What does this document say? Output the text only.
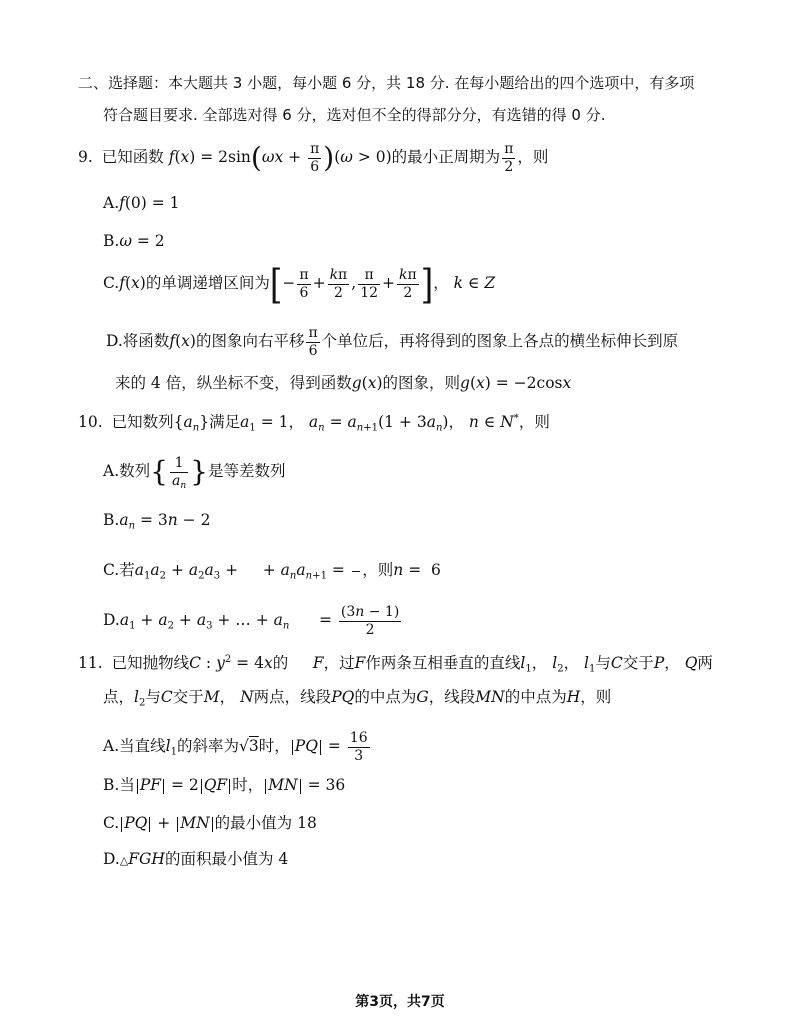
二、选择题：本大题共 3 小题，每小题 6 分，共 18 分. 在每小题给出的四个选项中，有多项
符合题目要求. 全部选对得 6 分，选对但不全的得部分分，有选错的得 0 分.
9. 已知函数 $f(x) = 2\sin(\omega x + \frac{\pi}{6} )(\omega > 0)$的最小正周期为 $\frac{\pi}{2}$ ，则
A.f(0) = 1
B.ω = 2
C.f(x)的单调递增区间为[− $\frac{\pi}{6} + \frac{k\pi}{2}$ , $\frac{\pi}{12} + \frac{k\pi}{2}$ ]， k ∈ Z
D.将函数f(x)的图象向右平移 $\frac{\pi}{6}$ 个单位后，再将得到的图象上各点的横坐标伸长到原
来的 4 倍，纵坐标不变，得到函数g(x)的图象，则g(x) = −2cosx
10. 已知数列$\{a_n\}$满足$a_1 = 1$， $a_n = a_{n+1}(1 + 3a_n)$， n ∈ N*，则
A.数列{ $\frac{1}{a_n}$ }是等差数列
$B.a_n = 3n - 2$
C.若$a_1a_2 + a_2a_3$ +     + $a_na_{n+1}$ =

，则n =  6
$D.a_1 + a_2 + a_3$ + … + $a_n$      = $\frac{(3n - 1)}{2}$
11. 已知抛物线C : $y^2 = 4x$的 F，过F作两条互相垂直的直线$l_1$， $l_2$， $l_1$与C交于P， Q两
点，$l_2$与C交于M， N两点，线段PQ的中点为G，线段MN的中点为H，则
A.当直线$l_1$的斜率为√3时， PQ = $\frac{16}{3}$
B.当 PF = 2 QF 时， MN = 36
C. PQ + MN 的最小值为 18
D.△FGH的面积最小值为 4
第3页，共7页
